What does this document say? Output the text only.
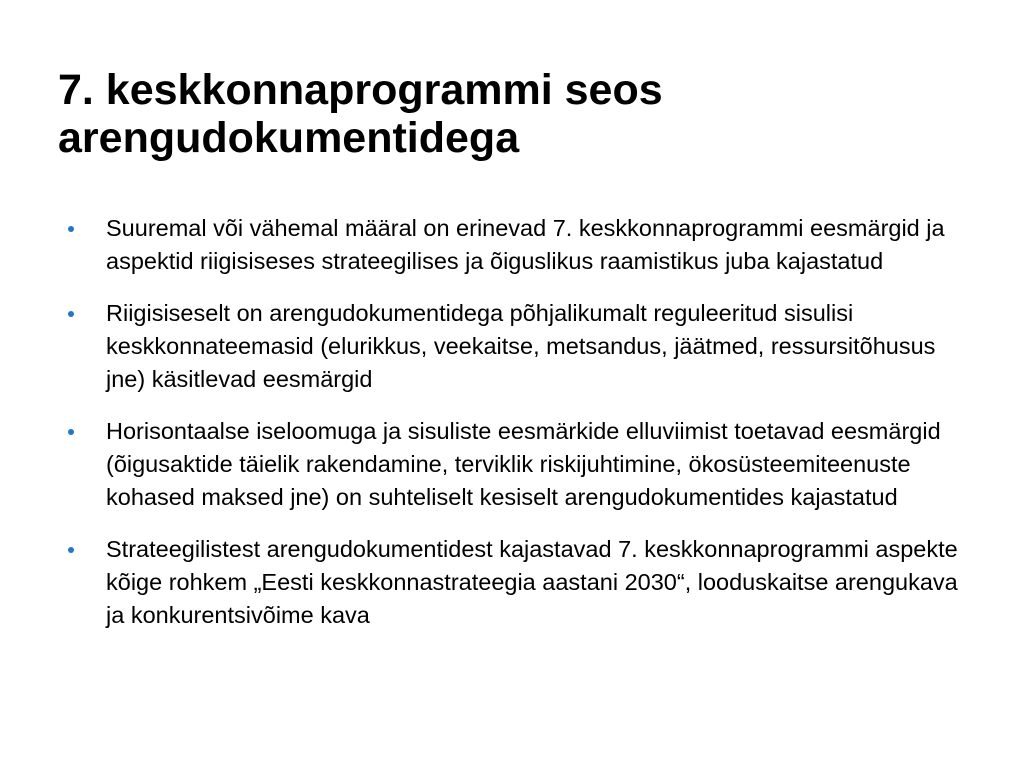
7. keskkonnaprogrammi seos arengudokumentidega
Suuremal või vähemal määral on erinevad 7. keskkonnaprogrammi eesmärgid ja aspektid riigisiseses strateegilises ja õiguslikus raamistikus juba kajastatud
Riigisiseselt on arengudokumentidega põhjalikumalt reguleeritud sisulisi keskkonnateemasid (elurikkus, veekaitse, metsandus, jäätmed, ressursitõhusus jne) käsitlevad eesmärgid
Horisontaalse iseloomuga ja sisuliste eesmärkide elluviimist toetavad eesmärgid (õigusaktide täielik rakendamine, terviklik riskijuhtimine, ökosüsteemiteenuste kohased maksed jne) on suhteliselt kesiselt arengudokumentides kajastatud
Strateegilistest arengudokumentidest kajastavad 7. keskkonnaprogrammi aspekte kõige rohkem „Eesti keskkonnastrateegia aastani 2030“, looduskaitse arengukava ja konkurentsivõime kava
